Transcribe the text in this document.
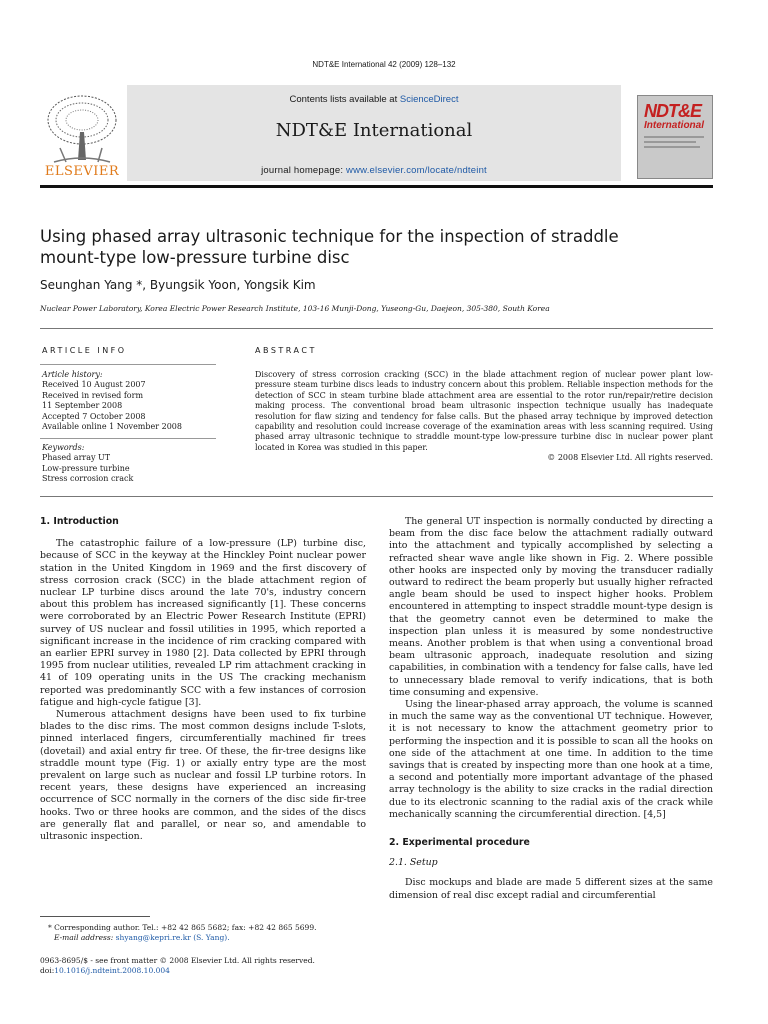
NDT&E International 42 (2009) 128–132
ELSEVIER
Contents lists available at ScienceDirect
NDT&E International
journal homepage: www.elsevier.com/locate/ndteint
NDT&E
International
Using phased array ultrasonic technique for the inspection of straddle
mount-type low-pressure turbine disc
Seunghan Yang *, Byungsik Yoon, Yongsik Kim
Nuclear Power Laboratory, Korea Electric Power Research Institute, 103-16 Munji-Dong, Yuseong-Gu, Daejeon, 305-380, South Korea
ARTICLE INFO	ABSTRACT
Article history:
Received 10 August 2007
Received in revised form
11 September 2008
Accepted 7 October 2008
Available online 1 November 2008
Keywords:
Phased array UT
Low-pressure turbine
Stress corrosion crack
Discovery of stress corrosion cracking (SCC) in the blade attachment region of nuclear power plant low-pressure steam turbine discs leads to industry concern about this problem. Reliable inspection methods for the detection of SCC in steam turbine blade attachment area are essential to the rotor run/repair/retire decision making process. The conventional broad beam ultrasonic inspection technique usually has inadequate resolution for flaw sizing and tendency for false calls. But the phased array technique by improved detection capability and resolution could increase coverage of the examination areas with less scanning required. Using phased array ultrasonic technique to straddle mount-type low-pressure turbine disc in nuclear power plant located in Korea was studied in this paper.
© 2008 Elsevier Ltd. All rights reserved.

1. Introduction

The catastrophic failure of a low-pressure (LP) turbine disc, because of SCC in the keyway at the Hinckley Point nuclear power station in the United Kingdom in 1969 and the first discovery of stress corrosion crack (SCC) in the blade attachment region of nuclear LP turbine discs around the late 70's, industry concern about this problem has increased significantly [1]. These concerns were corroborated by an Electric Power Research Institute (EPRI) survey of US nuclear and fossil utilities in 1995, which reported a significant increase in the incidence of rim cracking compared with an earlier EPRI survey in 1980 [2]. Data collected by EPRI through 1995 from nuclear utilities, revealed LP rim attachment cracking in 41 of 109 operating units in the US The cracking mechanism reported was predominantly SCC with a few instances of corrosion fatigue and high-cycle fatigue [3].

Numerous attachment designs have been used to fix turbine blades to the disc rims. The most common designs include T-slots, pinned interlaced fingers, circumferentially machined fir trees (dovetail) and axial entry fir tree. Of these, the fir-tree designs like straddle mount type (Fig. 1) or axially entry type are the most prevalent on large such as nuclear and fossil LP turbine rotors. In recent years, these designs have experienced an increasing occurrence of SCC normally in the corners of the disc side fir-tree hooks. Two or three hooks are common, and the sides of the discs are generally flat and parallel, or near so, and amendable to ultrasonic inspection.

The general UT inspection is normally conducted by directing a beam from the disc face below the attachment radially outward into the attachment and typically accomplished by selecting a refracted shear wave angle like shown in Fig. 2. Where possible other hooks are inspected only by moving the transducer radially outward to redirect the beam properly but usually higher refracted angle beam should be used to inspect higher hooks. Problem encountered in attempting to inspect straddle mount-type design is that the geometry cannot even be determined to make the inspection plan unless it is measured by some nondestructive means. Another problem is that when using a conventional broad beam ultrasonic approach, inadequate resolution and sizing capabilities, in combination with a tendency for false calls, have led to unnecessary blade removal to verify indications, that is both time consuming and expensive.

Using the linear-phased array approach, the volume is scanned in much the same way as the conventional UT technique. However, it is not necessary to know the attachment geometry prior to performing the inspection and it is possible to scan all the hooks on one side of the attachment at one time. In addition to the time savings that is created by inspecting more than one hook at a time, a second and potentially more important advantage of the phased array technology is the ability to size cracks in the radial direction due to its electronic scanning to the radial axis of the crack while mechanically scanning the circumferential direction. [4,5]

2. Experimental procedure

2.1. Setup

Disc mockups and blade are made 5 different sizes at the same dimension of real disc except radial and circumferential

* Corresponding author. Tel.: +82 42 865 5682; fax: +82 42 865 5699.
E-mail address: shyang@kepri.re.kr (S. Yang).
0963-8695/$ - see front matter © 2008 Elsevier Ltd. All rights reserved.
doi:10.1016/j.ndteint.2008.10.004
